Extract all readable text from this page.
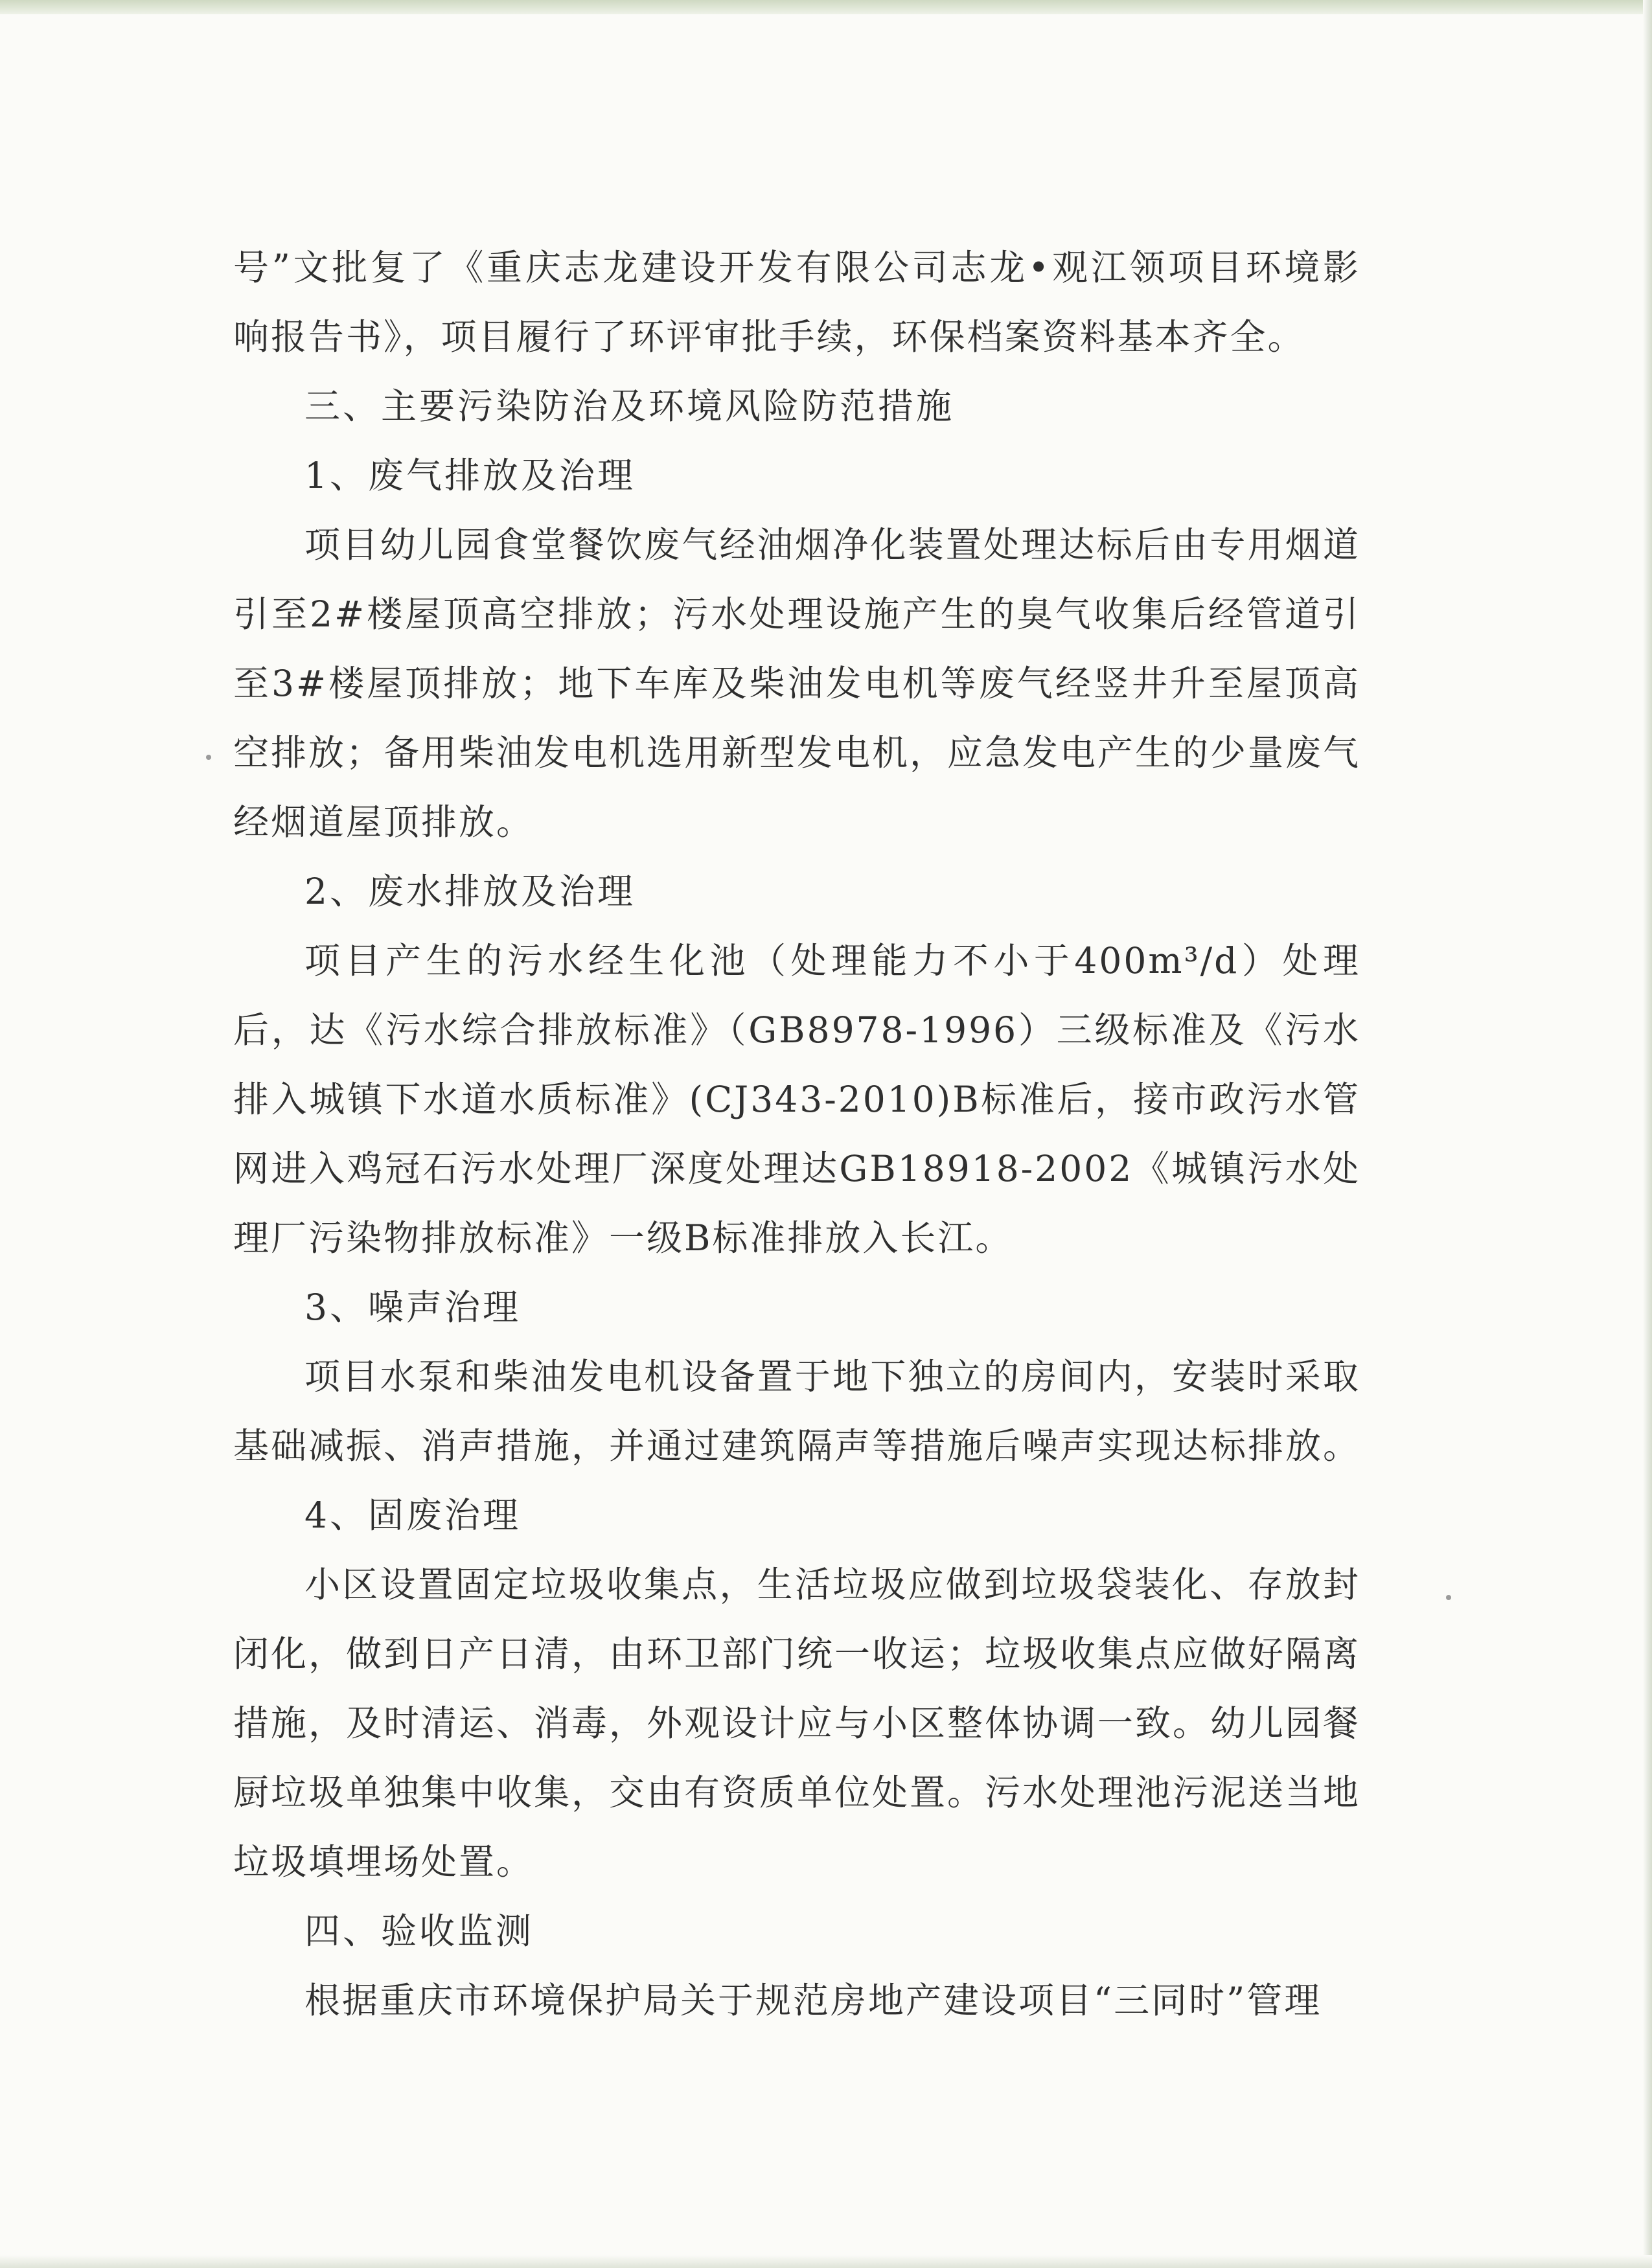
号”文批复了《重庆志龙建设开发有限公司志龙•观江领项目环境影响报告书》，项目履行了环评审批手续，环保档案资料基本齐全。

三、主要污染防治及环境风险防范措施

1、废气排放及治理

项目幼儿园食堂餐饮废气经油烟净化装置处理达标后由专用烟道引至2#楼屋顶高空排放；污水处理设施产生的臭气收集后经管道引至3#楼屋顶排放；地下车库及柴油发电机等废气经竖井升至屋顶高空排放；备用柴油发电机选用新型发电机，应急发电产生的少量废气经烟道屋顶排放。

2、废水排放及治理

项目产生的污水经生化池（处理能力不小于400m³/d）处理后，达《污水综合排放标准》（GB8978-1996）三级标准及《污水排入城镇下水道水质标准》(CJ343-2010)B标准后，接市政污水管网进入鸡冠石污水处理厂深度处理达GB18918-2002《城镇污水处理厂污染物排放标准》一级B标准排放入长江。

3、噪声治理

项目水泵和柴油发电机设备置于地下独立的房间内，安装时采取基础减振、消声措施，并通过建筑隔声等措施后噪声实现达标排放。

4、固废治理

小区设置固定垃圾收集点，生活垃圾应做到垃圾袋装化、存放封闭化，做到日产日清，由环卫部门统一收运；垃圾收集点应做好隔离措施，及时清运、消毒，外观设计应与小区整体协调一致。幼儿园餐厨垃圾单独集中收集，交由有资质单位处置。污水处理池污泥送当地垃圾填埋场处置。

四、验收监测

根据重庆市环境保护局关于规范房地产建设项目“三同时”管理
